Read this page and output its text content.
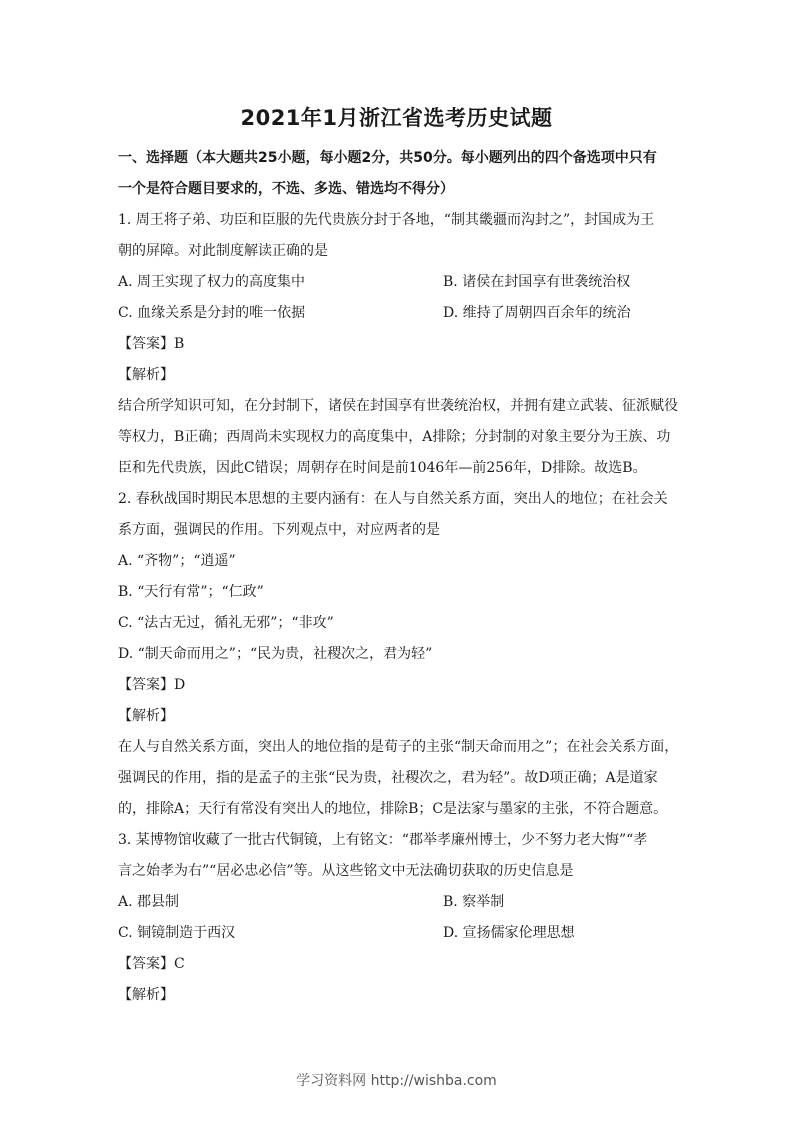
2021年1月浙江省选考历史试题
一、选择题（本大题共25小题，每小题2分，共50分。每小题列出的四个备选项中只有
一个是符合题目要求的，不选、多选、错选均不得分）
1. 周王将子弟、功臣和臣服的先代贵族分封于各地，“制其畿疆而沟封之”，封国成为王
朝的屏障。对此制度解读正确的是
A. 周王实现了权力的高度集中	B. 诸侯在封国享有世袭统治权
C. 血缘关系是分封的唯一依据	D. 维持了周朝四百余年的统治
【答案】B
【解析】
结合所学知识可知，在分封制下，诸侯在封国享有世袭统治权，并拥有建立武装、征派赋役
等权力，B正确；西周尚未实现权力的高度集中，A排除；分封制的对象主要分为王族、功
臣和先代贵族，因此C错误；周朝存在时间是前1046年—前256年，D排除。故选B。
2. 春秋战国时期民本思想的主要内涵有：在人与自然关系方面，突出人的地位；在社会关
系方面，强调民的作用。下列观点中，对应两者的是
A. “齐物”；“逍遥”
B. “天行有常”；“仁政”
C. “法古无过，循礼无邪”；“非攻”
D. “制天命而用之”；“民为贵，社稷次之，君为轻”
【答案】D
【解析】
在人与自然关系方面，突出人的地位指的是荀子的主张“制天命而用之”；在社会关系方面，
强调民的作用，指的是孟子的主张“民为贵，社稷次之，君为轻”。故D项正确；A是道家
的，排除A；天行有常没有突出人的地位，排除B；C是法家与墨家的主张，不符合题意。
3. 某博物馆收藏了一批古代铜镜，上有铭文：“郡举孝廉州博士，少不努力老大悔”“孝
言之始孝为右”“居必忠必信”等。从这些铭文中无法确切获取的历史信息是
A. 郡县制	B. 察举制
C. 铜镜制造于西汉	D. 宣扬儒家伦理思想
【答案】C
【解析】
学习资料网 http://wishba.com
